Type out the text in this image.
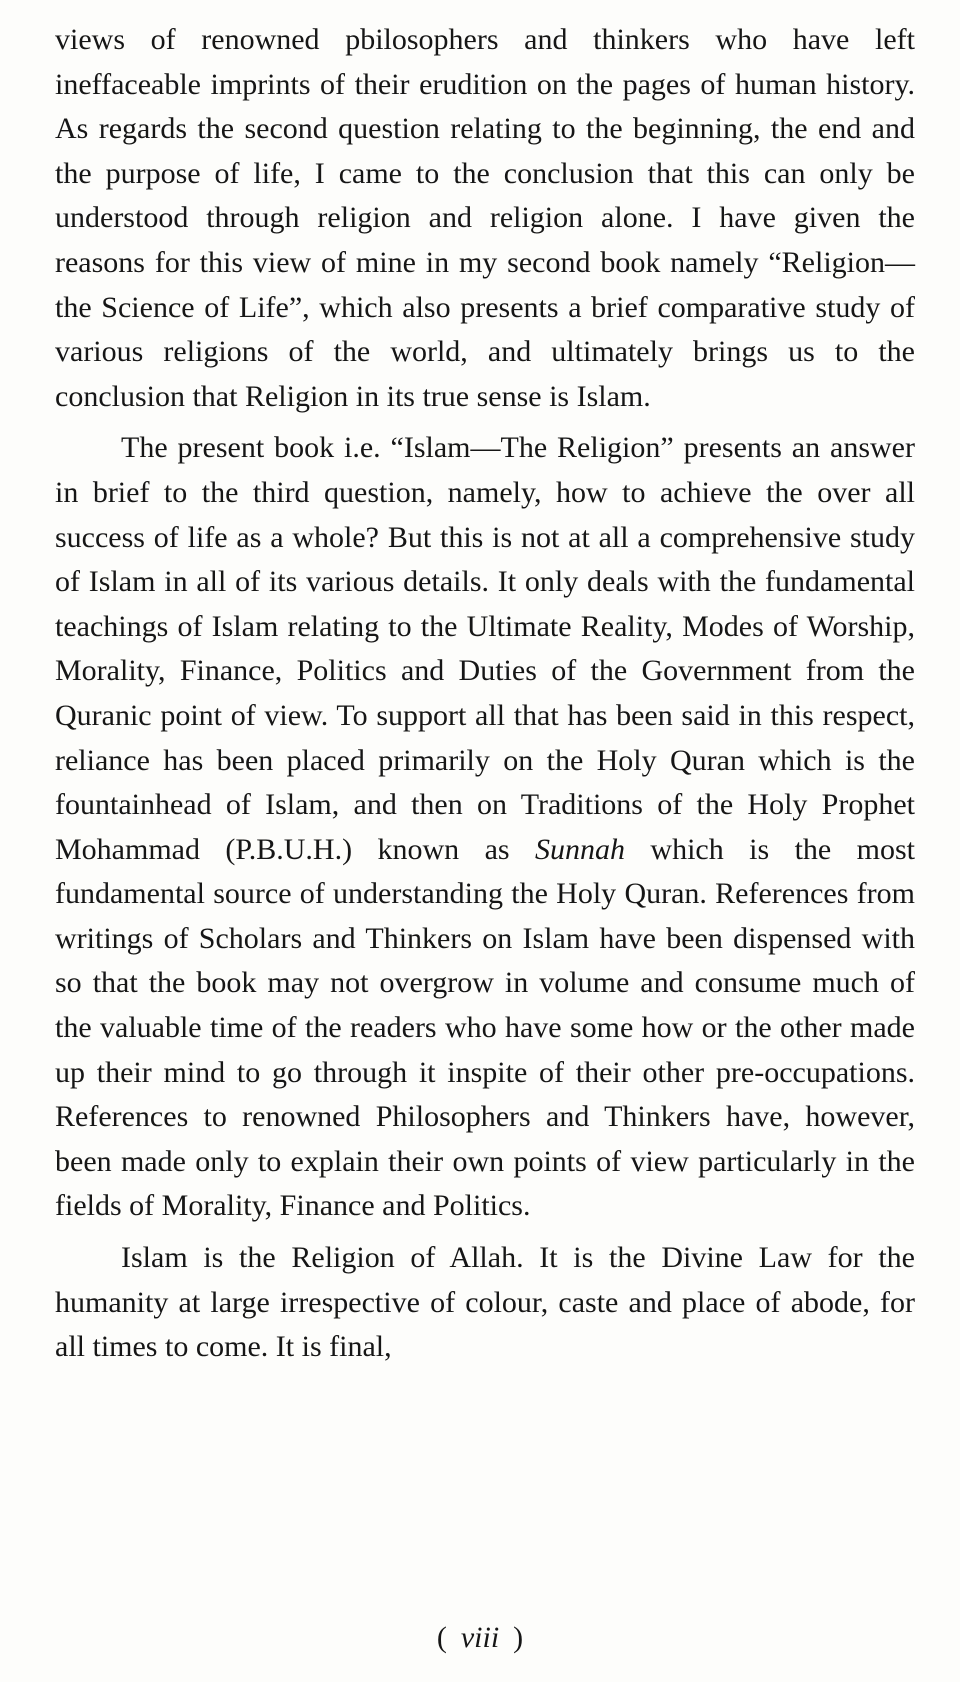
views of renowned pbilosophers and thinkers who have left ineffaceable imprints of their erudition on the pages of human history. As regards the second question relating to the beginning, the end and the purpose of life, I came to the conclusion that this can only be understood through religion and religion alone. I have given the reasons for this view of mine in my second book namely “Religion—the Science of Life”, which also presents a brief comparative study of various religions of the world, and ultimately brings us to the conclusion that Religion in its true sense is Islam.

The present book i.e. “Islam—The Religion” presents an answer in brief to the third question, namely, how to achieve the over all success of life as a whole? But this is not at all a comprehensive study of Islam in all of its various details. It only deals with the fundamental teachings of Islam relating to the Ultimate Reality, Modes of Worship, Morality, Finance, Politics and Duties of the Government from the Quranic point of view. To support all that has been said in this respect, reliance has been placed primarily on the Holy Quran which is the fountainhead of Islam, and then on Traditions of the Holy Prophet Mohammad (P.B.U.H.) known as Sunnah which is the most fundamental source of understanding the Holy Quran. References from writings of Scholars and Thinkers on Islam have been dispensed with so that the book may not overgrow in volume and consume much of the valuable time of the readers who have some how or the other made up their mind to go through it inspite of their other pre-occupations. References to renowned Philosophers and Thinkers have, however, been made only to explain their own points of view particularly in the fields of Morality, Finance and Politics.

Islam is the Religion of Allah. It is the Divine Law for the humanity at large irrespective of colour, caste and place of abode, for all times to come. It is final,

( viii )
